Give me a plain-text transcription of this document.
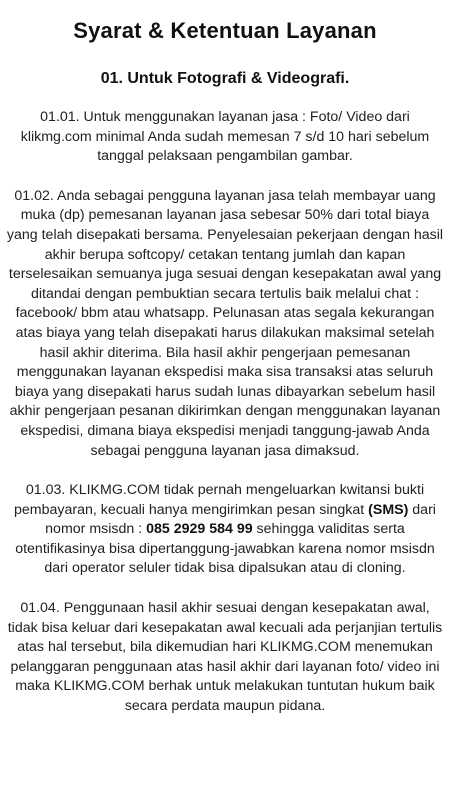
Syarat & Ketentuan Layanan
01. Untuk Fotografi & Videografi.

01.01. Untuk menggunakan layanan jasa : Foto/ Video dari klikmg.com minimal Anda sudah memesan 7 s/d 10 hari sebelum tanggal pelaksaan pengambilan gambar.

01.02. Anda sebagai pengguna layanan jasa telah membayar uang muka (dp) pemesanan layanan jasa sebesar 50% dari total biaya yang telah disepakati bersama. Penyelesaian pekerjaan dengan hasil akhir berupa softcopy/ cetakan tentang jumlah dan kapan terselesaikan semuanya juga sesuai dengan kesepakatan awal yang ditandai dengan pembuktian secara tertulis baik melalui chat : facebook/ bbm atau whatsapp. Pelunasan atas segala kekurangan atas biaya yang telah disepakati harus dilakukan maksimal setelah hasil akhir diterima. Bila hasil akhir pengerjaan pemesanan menggunakan layanan ekspedisi maka sisa transaksi atas seluruh biaya yang disepakati harus sudah lunas dibayarkan sebelum hasil akhir pengerjaan pesanan dikirimkan dengan menggunakan layanan ekspedisi, dimana biaya ekspedisi menjadi tanggung-jawab Anda sebagai pengguna layanan jasa dimaksud.

01.03. KLIKMG.COM tidak pernah mengeluarkan kwitansi bukti pembayaran, kecuali hanya mengirimkan pesan singkat (SMS) dari nomor msisdn : 085 2929 584 99 sehingga validitas serta otentifikasinya bisa dipertanggung-jawabkan karena nomor msisdn dari operator seluler tidak bisa dipalsukan atau di cloning.

01.04. Penggunaan hasil akhir sesuai dengan kesepakatan awal, tidak bisa keluar dari kesepakatan awal kecuali ada perjanjian tertulis atas hal tersebut, bila dikemudian hari KLIKMG.COM menemukan pelanggaran penggunaan atas hasil akhir dari layanan foto/ video ini maka KLIKMG.COM berhak untuk melakukan tuntutan hukum baik secara perdata maupun pidana.
